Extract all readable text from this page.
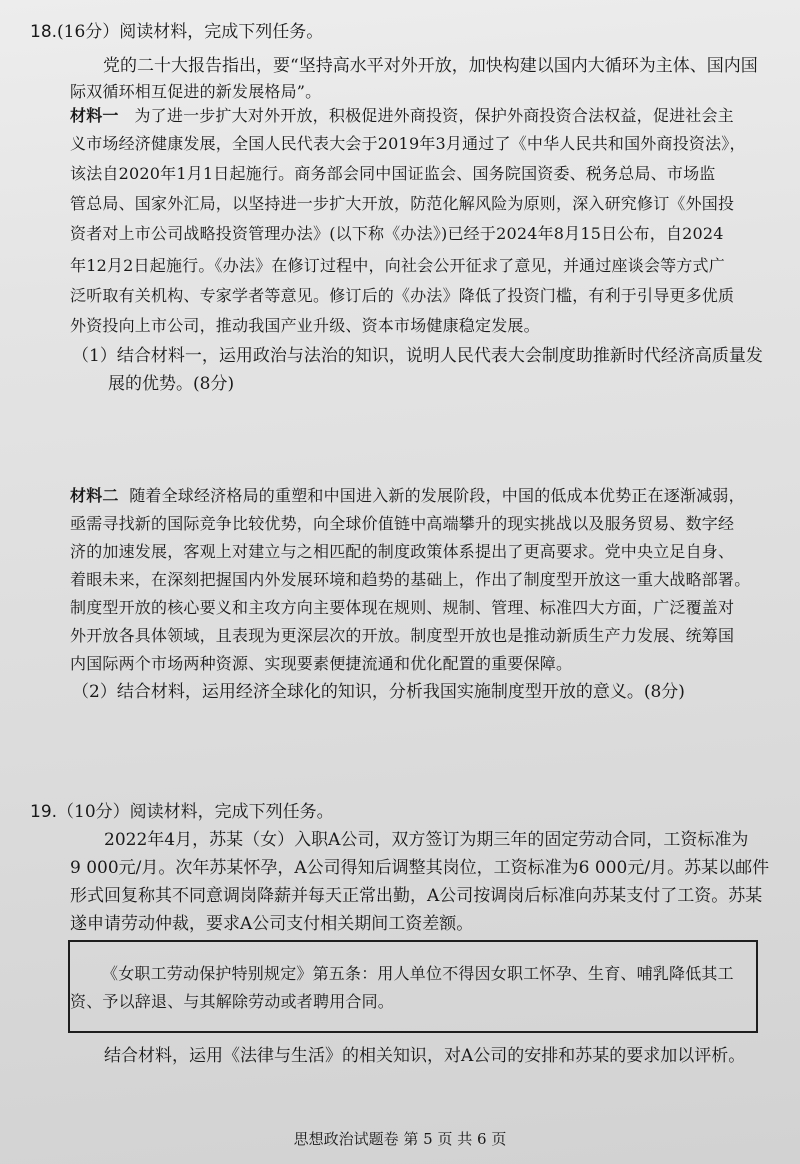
18.(16分）阅读材料，完成下列任务。
党的二十大报告指出，要“坚持高水平对外开放，加快构建以国内大循环为主体、国内国
际双循环相互促进的新发展格局”。
材料一 为了进一步扩大对外开放，积极促进外商投资，保护外商投资合法权益，促进社会主
义市场经济健康发展，全国人民代表大会于2019年3月通过了《中华人民共和国外商投资法》，
该法自2020年1月1日起施行。商务部会同中国证监会、国务院国资委、税务总局、市场监
管总局、国家外汇局，以坚持进一步扩大开放，防范化解风险为原则，深入研究修订《外国投
资者对上市公司战略投资管理办法》(以下称《办法》)已经于2024年8月15日公布，自2024
年12月2日起施行。《办法》在修订过程中，向社会公开征求了意见，并通过座谈会等方式广
泛听取有关机构、专家学者等意见。修订后的《办法》降低了投资门槛，有利于引导更多优质
外资投向上市公司，推动我国产业升级、资本市场健康稳定发展。
（1）结合材料一，运用政治与法治的知识，说明人民代表大会制度助推新时代经济高质量发
展的优势。(8分)
材料二 随着全球经济格局的重塑和中国进入新的发展阶段，中国的低成本优势正在逐渐减弱，
亟需寻找新的国际竞争比较优势，向全球价值链中高端攀升的现实挑战以及服务贸易、数字经
济的加速发展，客观上对建立与之相匹配的制度政策体系提出了更高要求。党中央立足自身、
着眼未来，在深刻把握国内外发展环境和趋势的基础上，作出了制度型开放这一重大战略部署。
制度型开放的核心要义和主攻方向主要体现在规则、规制、管理、标准四大方面，广泛覆盖对
外开放各具体领域，且表现为更深层次的开放。制度型开放也是推动新质生产力发展、统筹国
内国际两个市场两种资源、实现要素便捷流通和优化配置的重要保障。
（2）结合材料，运用经济全球化的知识，分析我国实施制度型开放的意义。(8分)
19.（10分）阅读材料，完成下列任务。
2022年4月，苏某（女）入职A公司，双方签订为期三年的固定劳动合同，工资标准为
9 000元/月。次年苏某怀孕，A公司得知后调整其岗位，工资标准为6 000元/月。苏某以邮件
形式回复称其不同意调岗降薪并每天正常出勤，A公司按调岗后标准向苏某支付了工资。苏某
遂申请劳动仲裁，要求A公司支付相关期间工资差额。
《女职工劳动保护特别规定》第五条：用人单位不得因女职工怀孕、生育、哺乳降低其工
资、予以辞退、与其解除劳动或者聘用合同。
结合材料，运用《法律与生活》的相关知识，对A公司的安排和苏某的要求加以评析。
思想政治试题卷 第 5 页 共 6 页
